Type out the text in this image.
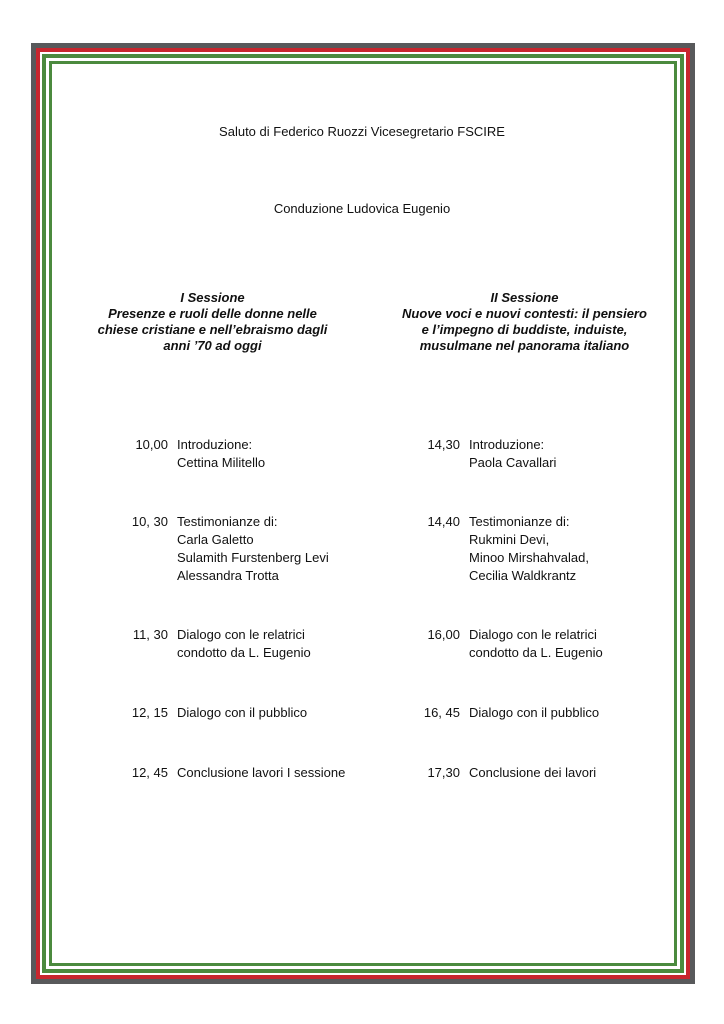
Saluto di Federico Ruozzi Vicesegretario FSCIRE
Conduzione Ludovica Eugenio
I Sessione
Presenze e ruoli delle donne nelle
chiese cristiane e nell’ebraismo dagli
anni ’70 ad oggi
II Sessione
Nuove voci e nuovi contesti: il pensiero
e l’impegno di buddiste, induiste,
musulmane nel panorama italiano
10,00 Introduzione:
Cettina Militello
10, 30 Testimonianze di:
Carla Galetto
Sulamith Furstenberg Levi
Alessandra Trotta
11, 30 Dialogo con le relatrici
condotto da L. Eugenio
12, 15 Dialogo con il pubblico
12, 45 Conclusione lavori I sessione
14,30 Introduzione:
Paola Cavallari
14,40 Testimonianze di:
Rukmini Devi,
Minoo Mirshahvalad,
Cecilia Waldkrantz
16,00 Dialogo con le relatrici
condotto da L. Eugenio
16, 45 Dialogo con il pubblico
17,30 Conclusione dei lavori
